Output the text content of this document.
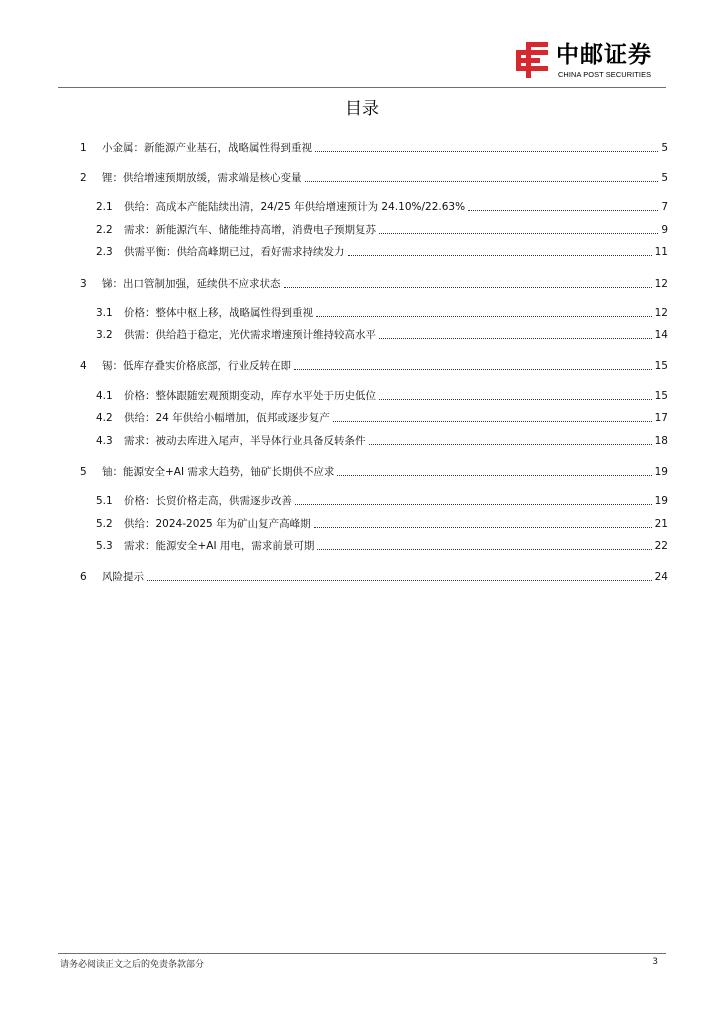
中邮证券
CHINA POST SECURITIES
目录
1	小金属：新能源产业基石，战略属性得到重视	5
2	锂：供给增速预期放缓，需求端是核心变量	5
2.1	供给：高成本产能陆续出清，24/25 年供给增速预计为 24.10%/22.63%	7
2.2	需求：新能源汽车、储能维持高增，消费电子预期复苏	9
2.3	供需平衡：供给高峰期已过，看好需求持续发力	11
3	锑：出口管制加强，延续供不应求状态	12
3.1	价格：整体中枢上移，战略属性得到重视	12
3.2	供需：供给趋于稳定，光伏需求增速预计维持较高水平	14
4	锡：低库存叠实价格底部，行业反转在即	15
4.1	价格：整体跟随宏观预期变动，库存水平处于历史低位	15
4.2	供给：24 年供给小幅增加，佤邦或逐步复产	17
4.3	需求：被动去库进入尾声，半导体行业具备反转条件	18
5	铀：能源安全+AI 需求大趋势，铀矿长期供不应求	19
5.1	价格：长贸价格走高，供需逐步改善	19
5.2	供给：2024-2025 年为矿山复产高峰期	21
5.3	需求：能源安全+AI 用电，需求前景可期	22
6	风险提示	24
请务必阅读正文之后的免责条款部分	3
